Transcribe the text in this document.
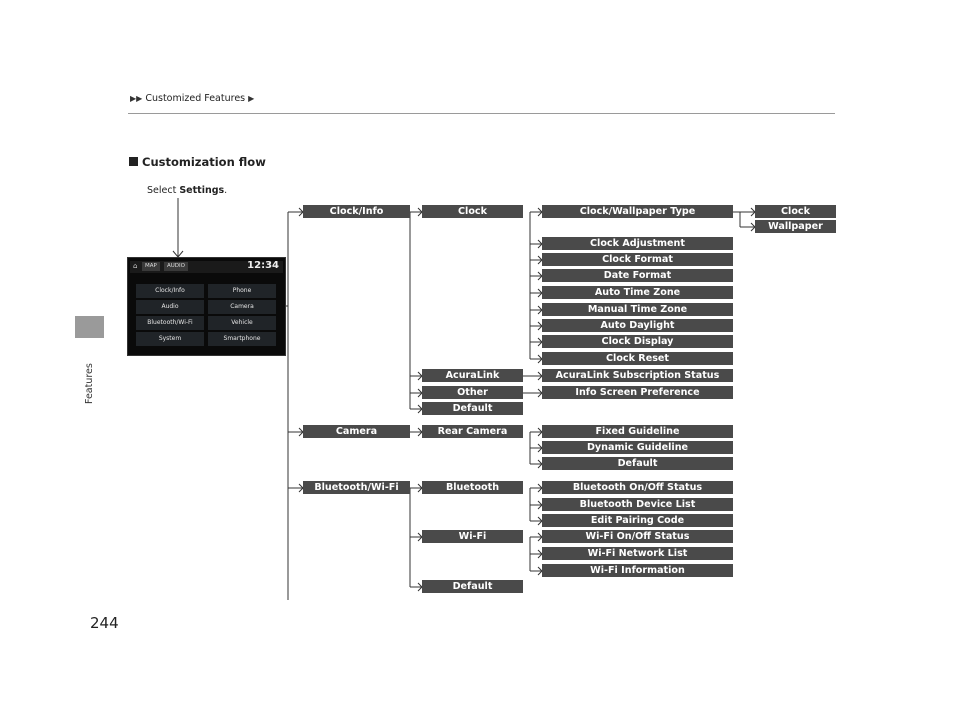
▶▶ Customized Features ▶
Features
244
Customization flow
Select Settings.
⌂	MAP	AUDIO	12:34
Clock/Info	Phone
Audio	Camera
Bluetooth/Wi-Fi	Vehicle
System	Smartphone
Clock/Info
Camera
Bluetooth/Wi-Fi
Clock
AcuraLink
Other
Default
Clock/Wallpaper Type
Clock Adjustment
Clock Format
Date Format
Auto Time Zone
Manual Time Zone
Auto Daylight
Clock Display
Clock Reset
Clock
Wallpaper
AcuraLink Subscription Status
Info Screen Preference
Rear Camera	Fixed Guideline
Dynamic Guideline
Default
Bluetooth
Wi-Fi
Default
Bluetooth On/Off Status
Bluetooth Device List
Edit Pairing Code
Wi-Fi On/Off Status
Wi-Fi Network List
Wi-Fi Information
